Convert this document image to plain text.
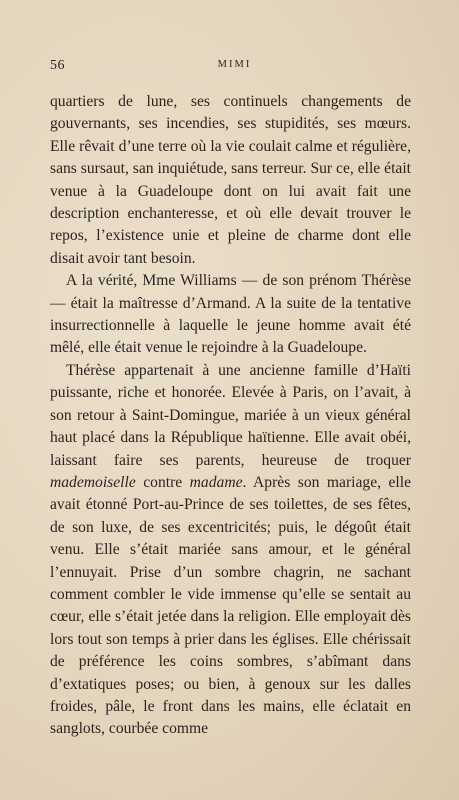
56	MIMI

quartiers de lune, ses continuels changements de gouvernants, ses incendies, ses stupidités, ses mœurs. Elle rêvait d’une terre où la vie coulait calme et régulière, sans sursaut, san inquiétude, sans terreur. Sur ce, elle était venue à la Guadeloupe dont on lui avait fait une description enchanteresse, et où elle devait trouver le repos, l’existence unie et pleine de charme dont elle disait avoir tant besoin.

A la vérité, Mme Williams — de son prénom Thérèse — était la maîtresse d’Armand. A la suite de la tentative insurrectionnelle à laquelle le jeune homme avait été mêlé, elle était venue le rejoindre à la Guadeloupe.

Thérèse appartenait à une ancienne famille d’Haïti puissante, riche et honorée. Elevée à Paris, on l’avait, à son retour à Saint-Domingue, mariée à un vieux général haut placé dans la République haïtienne. Elle avait obéi, laissant faire ses parents, heureuse de troquer mademoiselle contre madame. Après son mariage, elle avait étonné Port-au-Prince de ses toilettes, de ses fêtes, de son luxe, de ses excentricités; puis, le dégoût était venu. Elle s’était mariée sans amour, et le général l’ennuyait. Prise d’un sombre chagrin, ne sachant comment combler le vide immense qu’elle se sentait au cœur, elle s’était jetée dans la religion. Elle employait dès lors tout son temps à prier dans les églises. Elle chérissait de préférence les coins sombres, s’abîmant dans d’extatiques poses; ou bien, à genoux sur les dalles froides, pâle, le front dans les mains, elle éclatait en sanglots, courbée comme
